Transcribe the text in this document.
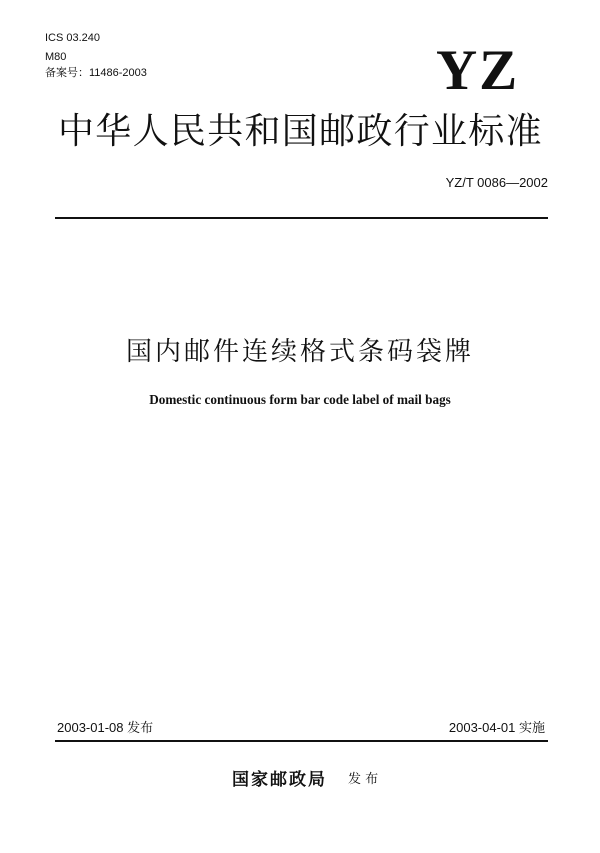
ICS 03.240
M80
备案号：11486-2003	YZ
中华人民共和国邮政行业标准
YZ/T 0086—2002
国内邮件连续格式条码袋牌
Domestic continuous form bar code label of mail bags
2003-01-08 发布	2003-04-01 实施
国家邮政局 发 布
